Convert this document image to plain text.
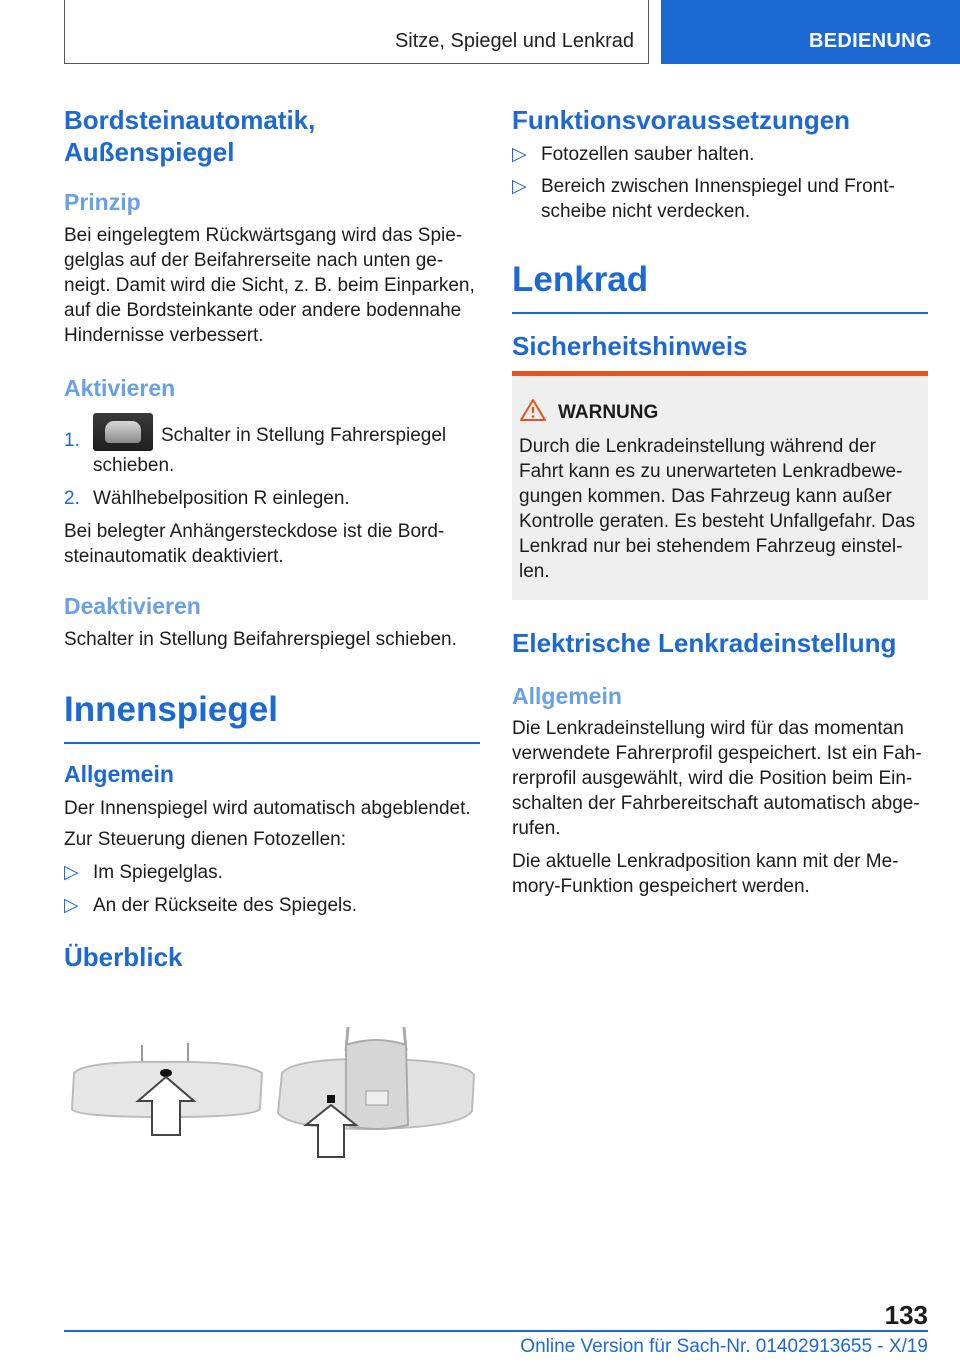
Sitze, Spiegel und Lenkrad	BEDIENUNG
Bordsteinautomatik,
Außenspiegel
Prinzip
Bei eingelegtem Rückwärtsgang wird das Spie‐
gelglas auf der Beifahrerseite nach unten ge‐
neigt. Damit wird die Sicht, z. B. beim Einparken,
auf die Bordsteinkante oder andere bodennahe
Hindernisse verbessert.
Aktivieren
1.	Schalter in Stellung Fahrerspiegel
schieben.
2. Wählhebelposition R einlegen.
Bei belegter Anhängersteckdose ist die Bord‐
steinautomatik deaktiviert.
Deaktivieren
Schalter in Stellung Beifahrerspiegel schieben.
Innenspiegel
Allgemein
Der Innenspiegel wird automatisch abgeblendet.
Zur Steuerung dienen Fotozellen:
▷ Im Spiegelglas.
▷ An der Rückseite des Spiegels.
Überblick
Funktionsvoraussetzungen
▷ Fotozellen sauber halten.
▷ Bereich zwischen Innenspiegel und Front‐
scheibe nicht verdecken.
Lenkrad
Sicherheitshinweis
WARNUNG
Durch die Lenkradeinstellung während der
Fahrt kann es zu unerwarteten Lenkradbewe‐
gungen kommen. Das Fahrzeug kann außer
Kontrolle geraten. Es besteht Unfallgefahr. Das
Lenkrad nur bei stehendem Fahrzeug einstel‐
len.
Elektrische Lenkradeinstellung
Allgemein
Die Lenkradeinstellung wird für das momentan
verwendete Fahrerprofil gespeichert. Ist ein Fah‐
rerprofil ausgewählt, wird die Position beim Ein‐
schalten der Fahrbereitschaft automatisch abge‐
rufen.
Die aktuelle Lenkradposition kann mit der Me‐
mory-Funktion gespeichert werden.
133
Online Version für Sach-Nr. 01402913655 - X/19
